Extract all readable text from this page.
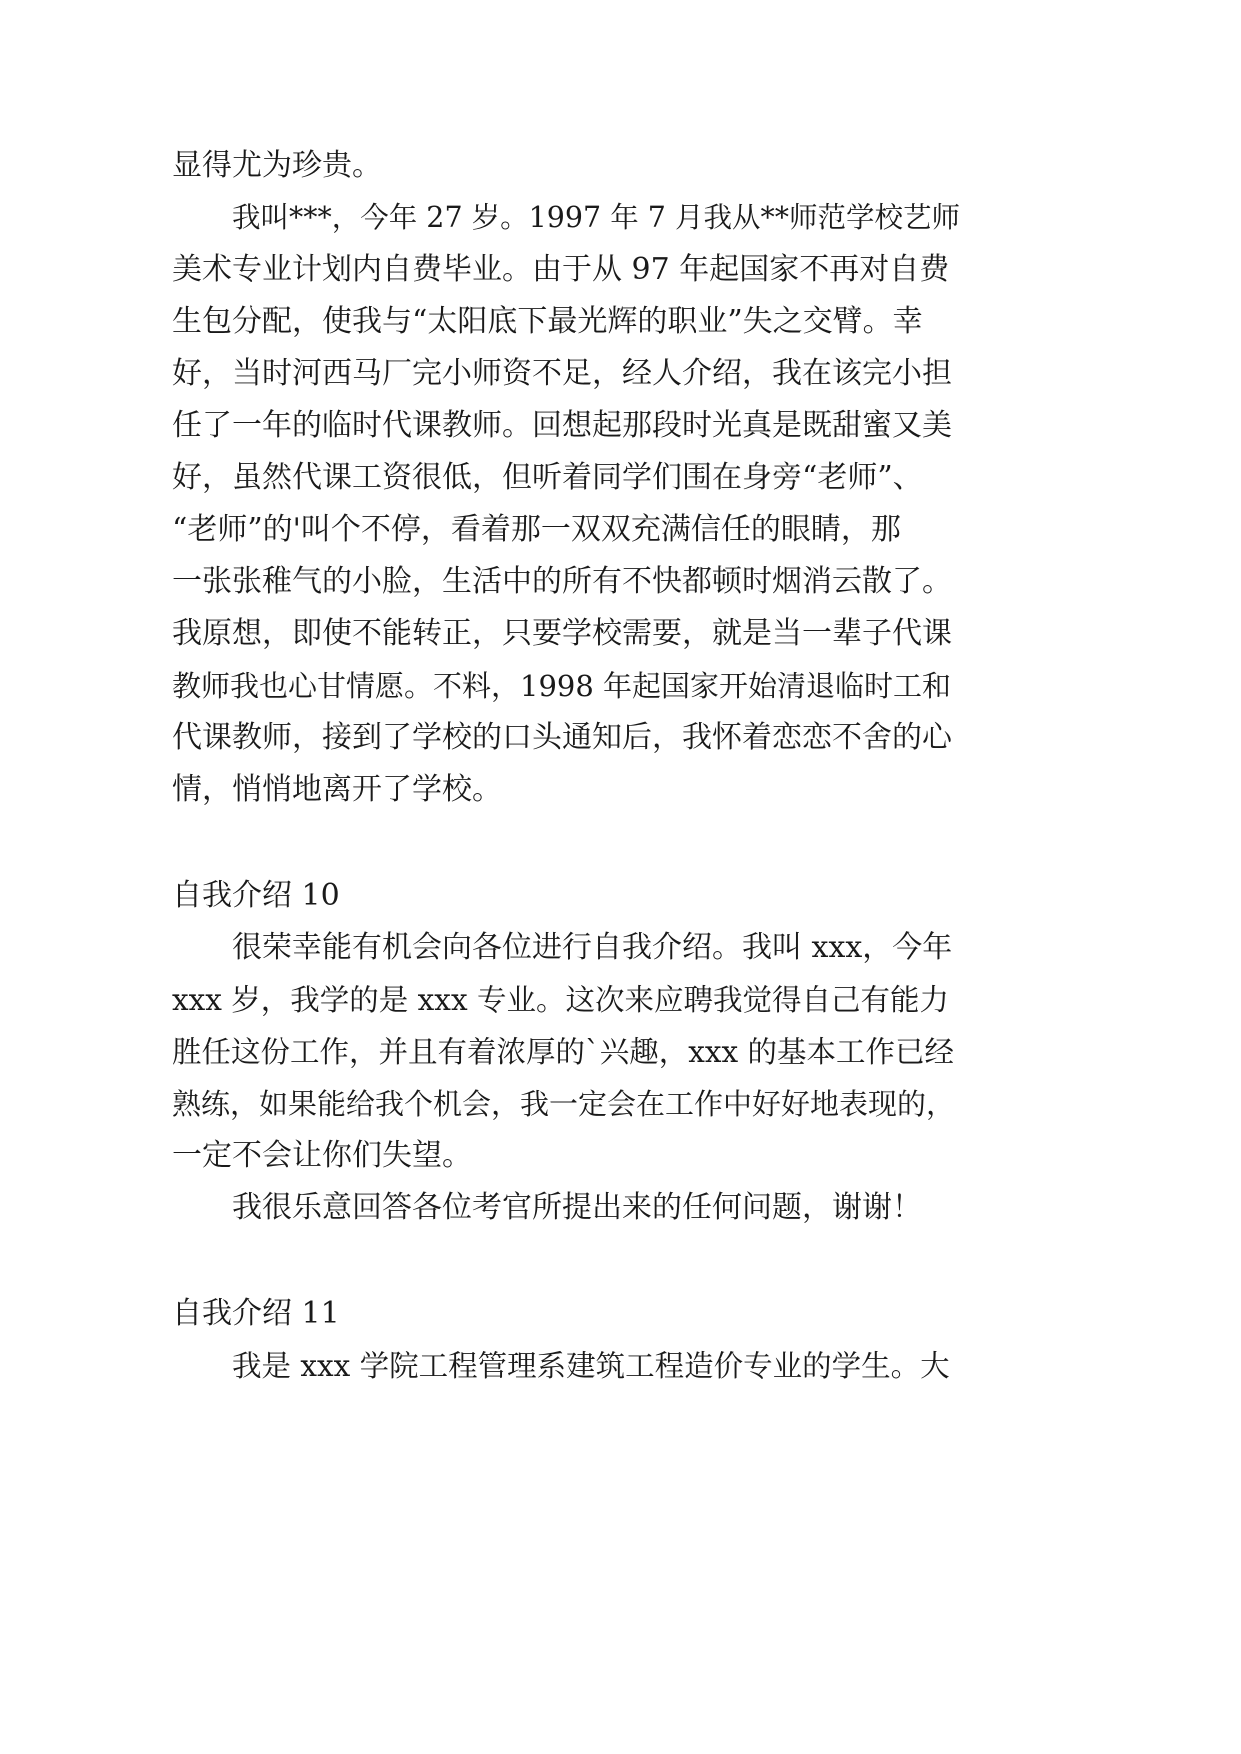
显得尤为珍贵。
我叫***，今年 27 岁。1997 年 7 月我从**师范学校艺师
美术专业计划内自费毕业。由于从 97 年起国家不再对自费
生包分配，使我与“太阳底下最光辉的职业”失之交臂。幸
好，当时河西马厂完小师资不足，经人介绍，我在该完小担
任了一年的临时代课教师。回想起那段时光真是既甜蜜又美
好，虽然代课工资很低，但听着同学们围在身旁“老师”、
“老师”的'叫个不停，看着那一双双充满信任的眼睛，那
一张张稚气的小脸，生活中的所有不快都顿时烟消云散了。
我原想，即使不能转正，只要学校需要，就是当一辈子代课
教师我也心甘情愿。不料，1998 年起国家开始清退临时工和
代课教师，接到了学校的口头通知后，我怀着恋恋不舍的心
情，悄悄地离开了学校。
自我介绍 10
很荣幸能有机会向各位进行自我介绍。我叫 xxx，今年
xxx 岁，我学的是 xxx 专业。这次来应聘我觉得自己有能力
胜任这份工作，并且有着浓厚的`兴趣，xxx 的基本工作已经
熟练，如果能给我个机会，我一定会在工作中好好地表现的，
一定不会让你们失望。
我很乐意回答各位考官所提出来的任何问题，谢谢！
自我介绍 11
我是 xxx 学院工程管理系建筑工程造价专业的学生。大
